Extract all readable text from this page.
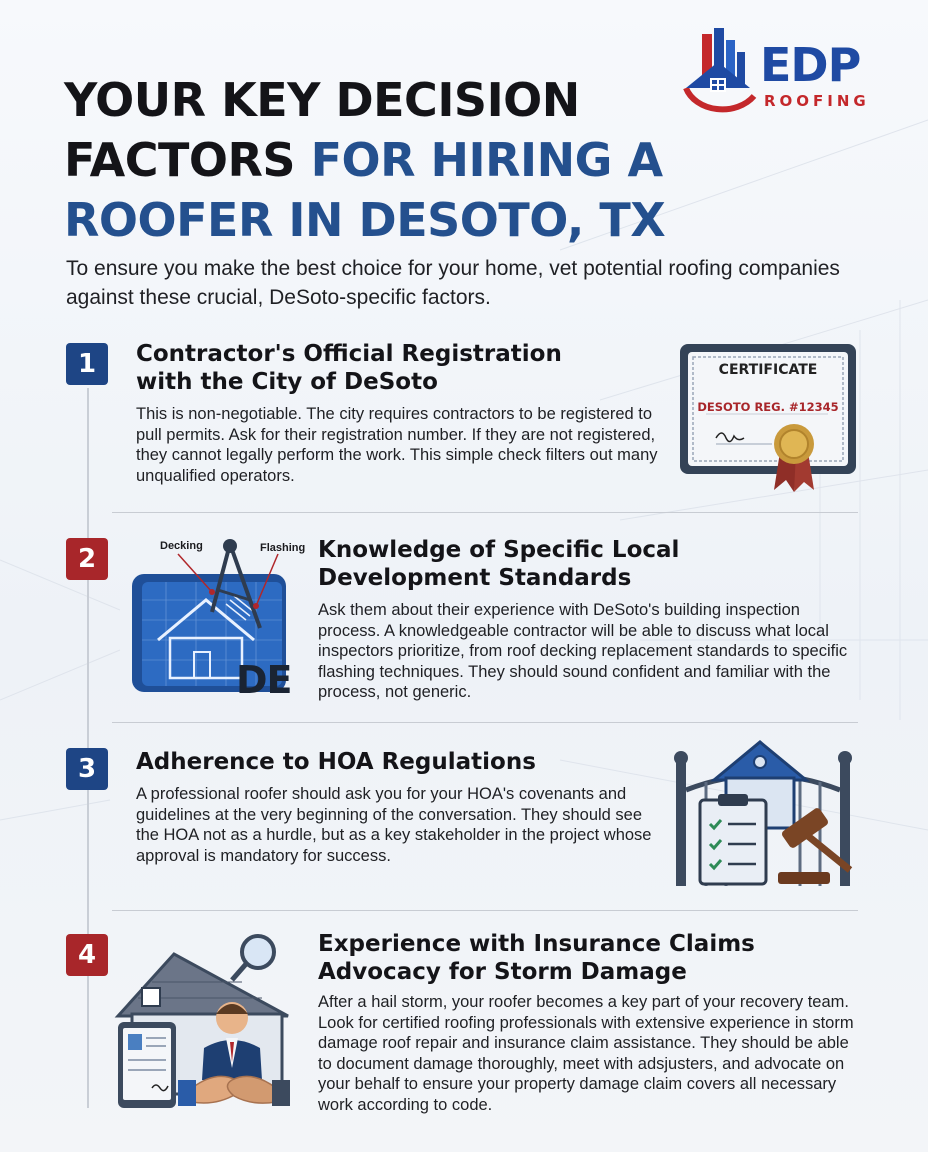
EDP
ROOFING
YOUR KEY DECISION
FACTORS FOR HIRING A
ROOFER IN DESOTO, TX
To ensure you make the best choice for your home, vet potential roofing companies against these crucial, DeSoto-specific factors.
1	Contractor's Official Registration
with the City of DeSoto
This is non-negotiable. The city requires contractors to be registered to pull permits. Ask for their registration number. If they are not registered, they cannot legally perform the work. This simple check filters out many unqualified operators.
CERTIFICATE
DESOTO REG. #12345
2	Decking	Flashing
DE
Knowledge of Specific Local
Development Standards
Ask them about their experience with DeSoto's building inspection process. A knowledgeable contractor will be able to discuss what local inspectors prioritize, from roof decking replacement standards to specific flashing techniques. They should sound confident and familiar with the process, not generic.
3	Adherence to HOA Regulations
A professional roofer should ask you for your HOA's covenants and guidelines at the very beginning of the conversation. They should see the HOA not as a hurdle, but as a key stakeholder in the project whose approval is mandatory for success.
4	Experience with Insurance Claims
Advocacy for Storm Damage
After a hail storm, your roofer becomes a key part of your recovery team. Look for certified roofing professionals with extensive experience in storm damage roof repair and insurance claim assistance. They should be able to document damage thoroughly, meet with adsjusters, and advocate on your behalf to ensure your property damage claim covers all necessary work according to code.
